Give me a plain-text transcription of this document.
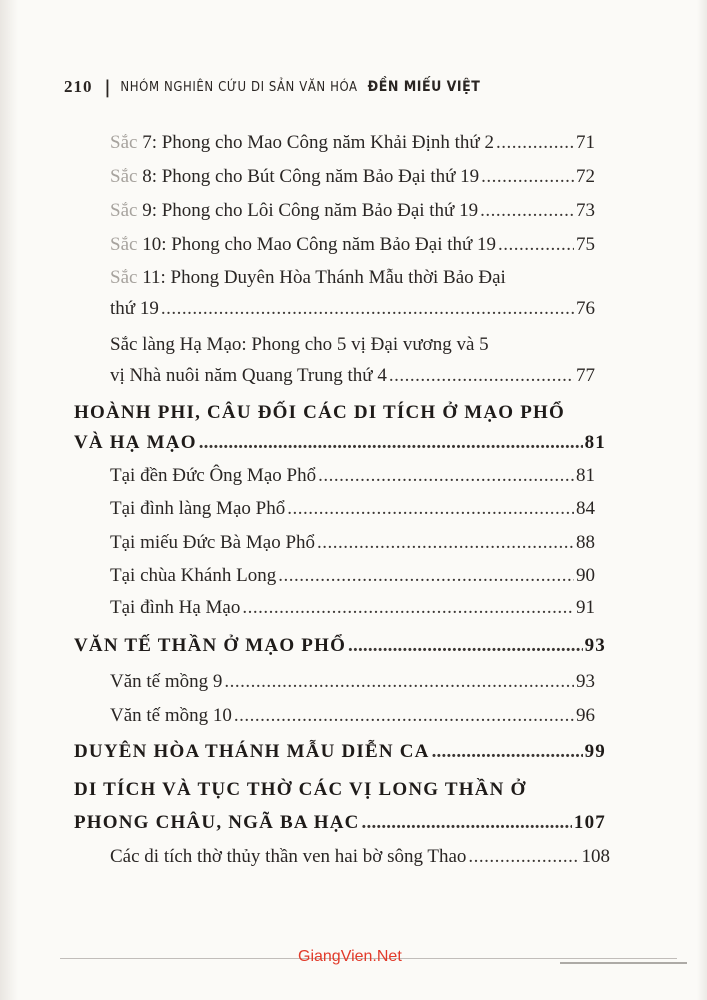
210 | NHÓM NGHIÊN CỨU DI SẢN VĂN HÓA ĐỀN MIẾU VIỆT
Sắc 7: Phong cho Mao Công năm Khải Định thứ 2 .....	71
Sắc 8: Phong cho Bút Công năm Bảo Đại thứ 19 .....	72
Sắc 9: Phong cho Lôi Công năm Bảo Đại thứ 19 .....	73
Sắc 10: Phong cho Mao Công năm Bảo Đại thứ 19 .....	75
Sắc 11: Phong Duyên Hòa Thánh Mẫu thời Bảo Đại
thứ 19 .....	76
Sắc làng Hạ Mạo: Phong cho 5 vị Đại vương và 5
vị Nhà nuôi năm Quang Trung thứ 4 .....	77
HOÀNH PHI, CÂU ĐỐI CÁC DI TÍCH Ở MẠO PHỔ
VÀ HẠ MẠO .....	81
Tại đền Đức Ông Mạo Phổ .....	81
Tại đình làng Mạo Phổ .....	84
Tại miếu Đức Bà Mạo Phổ .....	88
Tại chùa Khánh Long .....	90
Tại đình Hạ Mạo .....	91
VĂN TẾ THẦN Ở MẠO PHỔ .....	93
Văn tế mồng 9 .....	93
Văn tế mồng 10 .....	96
DUYÊN HÒA THÁNH MẪU DIỄN CA .....	99
DI TÍCH VÀ TỤC THỜ CÁC VỊ LONG THẦN Ở
PHONG CHÂU, NGÃ BA HẠC .....	107
Các di tích thờ thủy thần ven hai bờ sông Thao .....	108
GiangVien.Net
